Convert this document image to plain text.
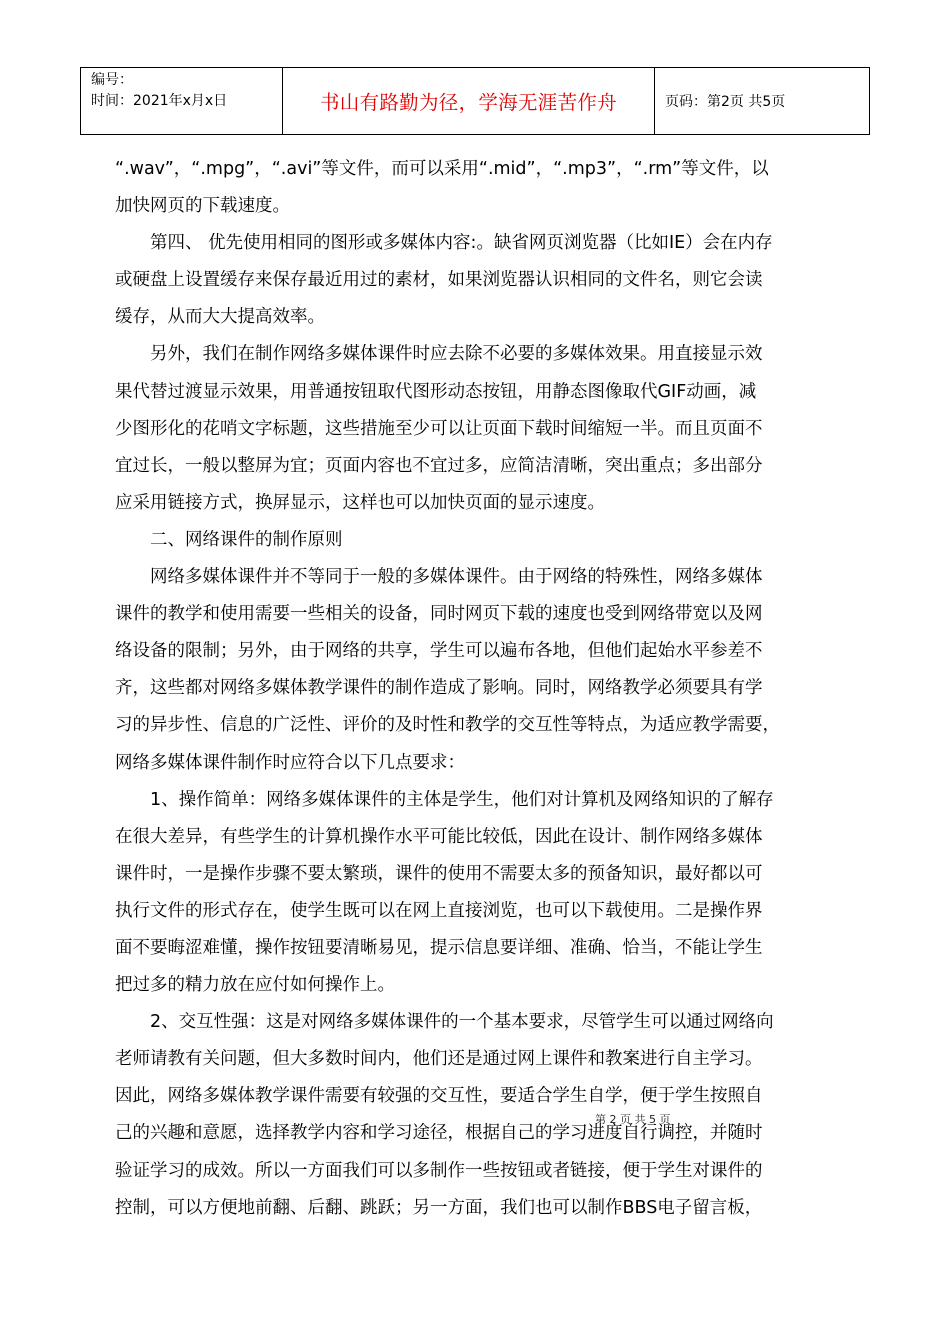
编号：
时间：2021年x月x日	书山有路勤为径，学海无涯苦作舟	页码：第2页 共5页

“.wav”，“.mpg”，“.avi”等文件，而可以采用“.mid”，“.mp3”，“.rm”等文件，以

加快网页的下载速度。

　　第四、 优先使用相同的图形或多媒体内容:。缺省网页浏览器（比如IE）会在内存

或硬盘上设置缓存来保存最近用过的素材，如果浏览器认识相同的文件名，则它会读

缓存，从而大大提高效率。

　　另外，我们在制作网络多媒体课件时应去除不必要的多媒体效果。用直接显示效

果代替过渡显示效果，用普通按钮取代图形动态按钮，用静态图像取代GIF动画，减

少图形化的花哨文字标题，这些措施至少可以让页面下载时间缩短一半。而且页面不

宜过长，一般以整屏为宜；页面内容也不宜过多，应简洁清晰，突出重点；多出部分

应采用链接方式，换屏显示，这样也可以加快页面的显示速度。

　　二、网络课件的制作原则

　　网络多媒体课件并不等同于一般的多媒体课件。由于网络的特殊性，网络多媒体

课件的教学和使用需要一些相关的设备，同时网页下载的速度也受到网络带宽以及网

络设备的限制；另外，由于网络的共享，学生可以遍布各地，但他们起始水平参差不

齐，这些都对网络多媒体教学课件的制作造成了影响。同时，网络教学必须要具有学

习的异步性、信息的广泛性、评价的及时性和教学的交互性等特点，为适应教学需要，

网络多媒体课件制作时应符合以下几点要求：

　　1、操作简单：网络多媒体课件的主体是学生，他们对计算机及网络知识的了解存

在很大差异，有些学生的计算机操作水平可能比较低，因此在设计、制作网络多媒体

课件时，一是操作步骤不要太繁琐，课件的使用不需要太多的预备知识，最好都以可

执行文件的形式存在，使学生既可以在网上直接浏览，也可以下载使用。二是操作界

面不要晦涩难懂，操作按钮要清晰易见，提示信息要详细、准确、恰当，不能让学生

把过多的精力放在应付如何操作上。

　　2、交互性强：这是对网络多媒体课件的一个基本要求，尽管学生可以通过网络向

老师请教有关问题，但大多数时间内，他们还是通过网上课件和教案进行自主学习。

因此，网络多媒体教学课件需要有较强的交互性，要适合学生自学，便于学生按照自

己的兴趣和意愿，选择教学内容和学习途径，根据自己的学习进度自行调控，并随时

验证学习的成效。所以一方面我们可以多制作一些按钮或者链接，便于学生对课件的

控制，可以方便地前翻、后翻、跳跃；另一方面，我们也可以制作BBS电子留言板，

第 2 页 共 5 页
